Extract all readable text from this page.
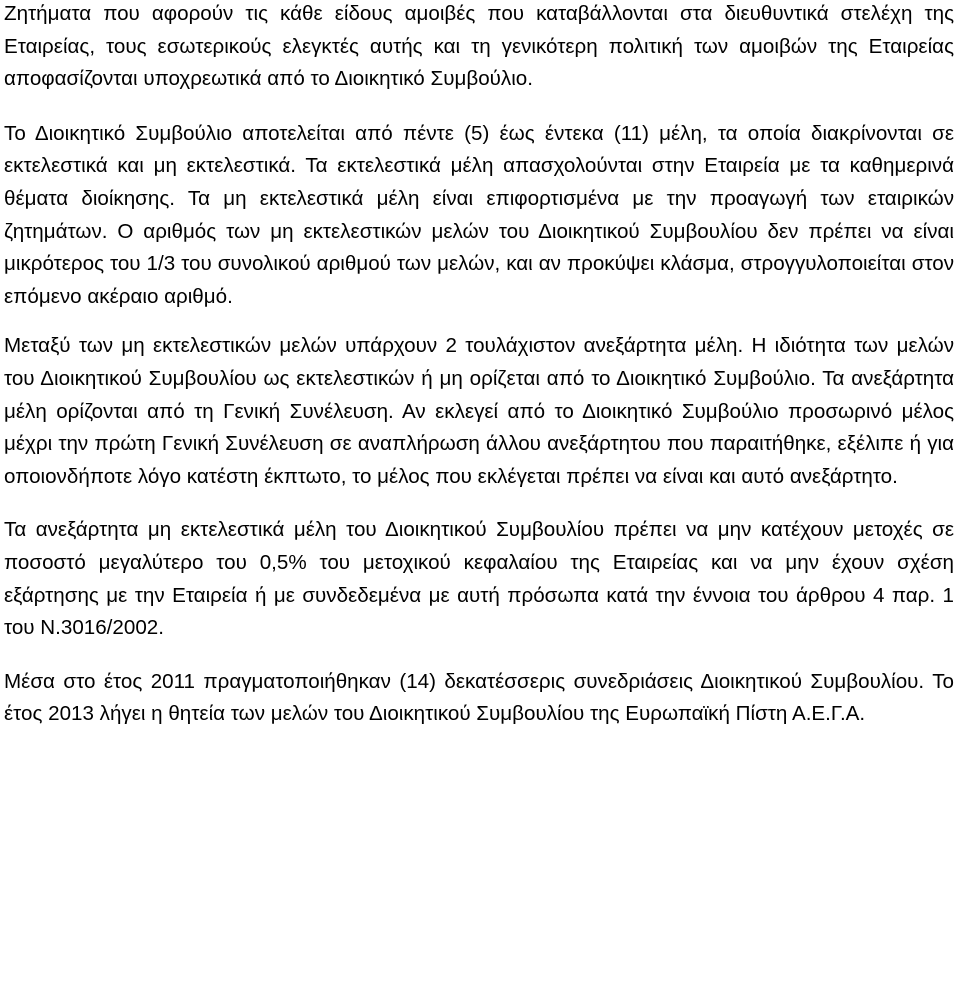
Ζητήματα που αφορούν τις κάθε είδους αμοιβές που καταβάλλονται στα διευθυντικά στελέχη της Εταιρείας, τους εσωτερικούς ελεγκτές αυτής και τη γενικότερη πολιτική των αμοιβών της Εταιρείας αποφασίζονται υποχρεωτικά από το Διοικητικό Συμβούλιο.

Το Διοικητικό Συμβούλιο αποτελείται από πέντε (5) έως έντεκα (11) μέλη, τα οποία διακρίνονται σε εκτελεστικά και μη εκτελεστικά. Τα εκτελεστικά μέλη απασχολούνται στην Εταιρεία με τα καθημερινά θέματα διοίκησης. Τα μη εκτελεστικά μέλη είναι επιφορτισμένα με την προαγωγή των εταιρικών ζητημάτων. Ο αριθμός των μη εκτελεστικών μελών του Διοικητικού Συμβουλίου δεν πρέπει να είναι μικρότερος του 1/3 του συνολικού αριθμού των μελών, και αν προκύψει κλάσμα, στρογγυλοποιείται στον επόμενο ακέραιο αριθμό.

Μεταξύ των μη εκτελεστικών μελών υπάρχουν 2 τουλάχιστον ανεξάρτητα μέλη. Η ιδιότητα των μελών του Διοικητικού Συμβουλίου ως εκτελεστικών ή μη ορίζεται από το Διοικητικό Συμβούλιο. Τα ανεξάρτητα μέλη ορίζονται από τη Γενική Συνέλευση. Αν εκλεγεί από το Διοικητικό Συμβούλιο προσωρινό μέλος μέχρι την πρώτη Γενική Συνέλευση σε αναπλήρωση άλλου ανεξάρτητου που παραιτήθηκε, εξέλιπε ή για οποιονδήποτε λόγο κατέστη έκπτωτο, το μέλος που εκλέγεται πρέπει να είναι και αυτό ανεξάρτητο.

Τα ανεξάρτητα μη εκτελεστικά μέλη του Διοικητικού Συμβουλίου πρέπει να μην κατέχουν μετοχές σε ποσοστό μεγαλύτερο του 0,5% του μετοχικού κεφαλαίου της Εταιρείας και να μην έχουν σχέση εξάρτησης με την Εταιρεία ή με συνδεδεμένα με αυτή πρόσωπα κατά την έννοια του άρθρου 4 παρ. 1 του Ν.3016/2002.

Μέσα στο έτος 2011 πραγματοποιήθηκαν (14) δεκατέσσερις συνεδριάσεις Διοικητικού Συμβουλίου. Το έτος 2013 λήγει η θητεία των μελών του Διοικητικού Συμβουλίου της Ευρωπαϊκή Πίστη Α.Ε.Γ.Α.
